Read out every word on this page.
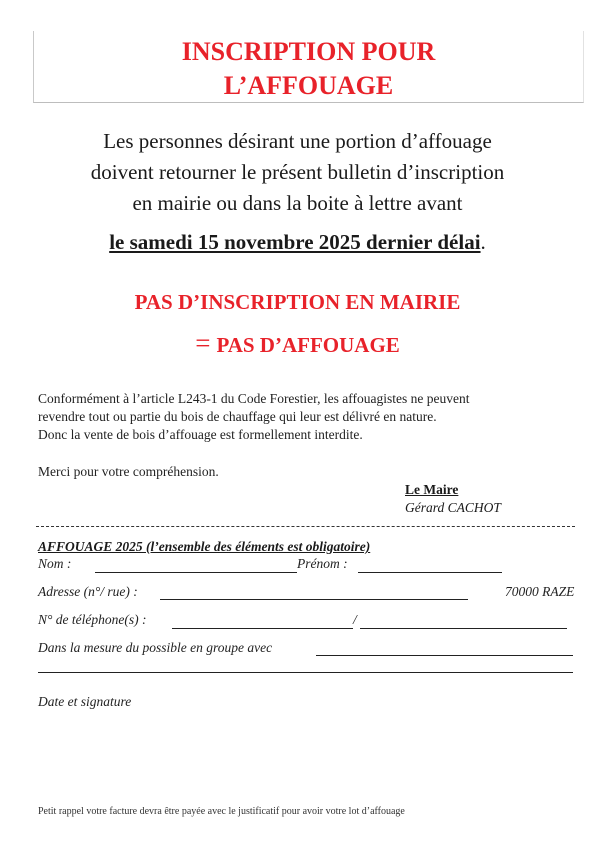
INSCRIPTION POUR
L’AFFOUAGE
Les personnes désirant une portion d’affouage
doivent retourner le présent bulletin d’inscription
en mairie ou dans la boite à lettre avant
le samedi 15 novembre 2025 dernier délai.
PAS D’INSCRIPTION EN MAIRIE
= PAS D’AFFOUAGE
Conformément à l’article L243-1 du Code Forestier, les affouagistes ne peuvent
revendre tout ou partie du bois de chauffage qui leur est délivré en nature.
Donc la vente de bois d’affouage est formellement interdite.
Merci pour votre compréhension.
Le Maire
Gérard CACHOT
AFFOUAGE 2025 (l’ensemble des éléments est obligatoire)
Nom :	Prénom :
Adresse (n°/ rue) :	70000 RAZE
N° de téléphone(s) :	/
Dans la mesure du possible en groupe avec
Date et signature
Petit rappel votre facture devra être payée avec le justificatif pour avoir votre lot d’affouage
